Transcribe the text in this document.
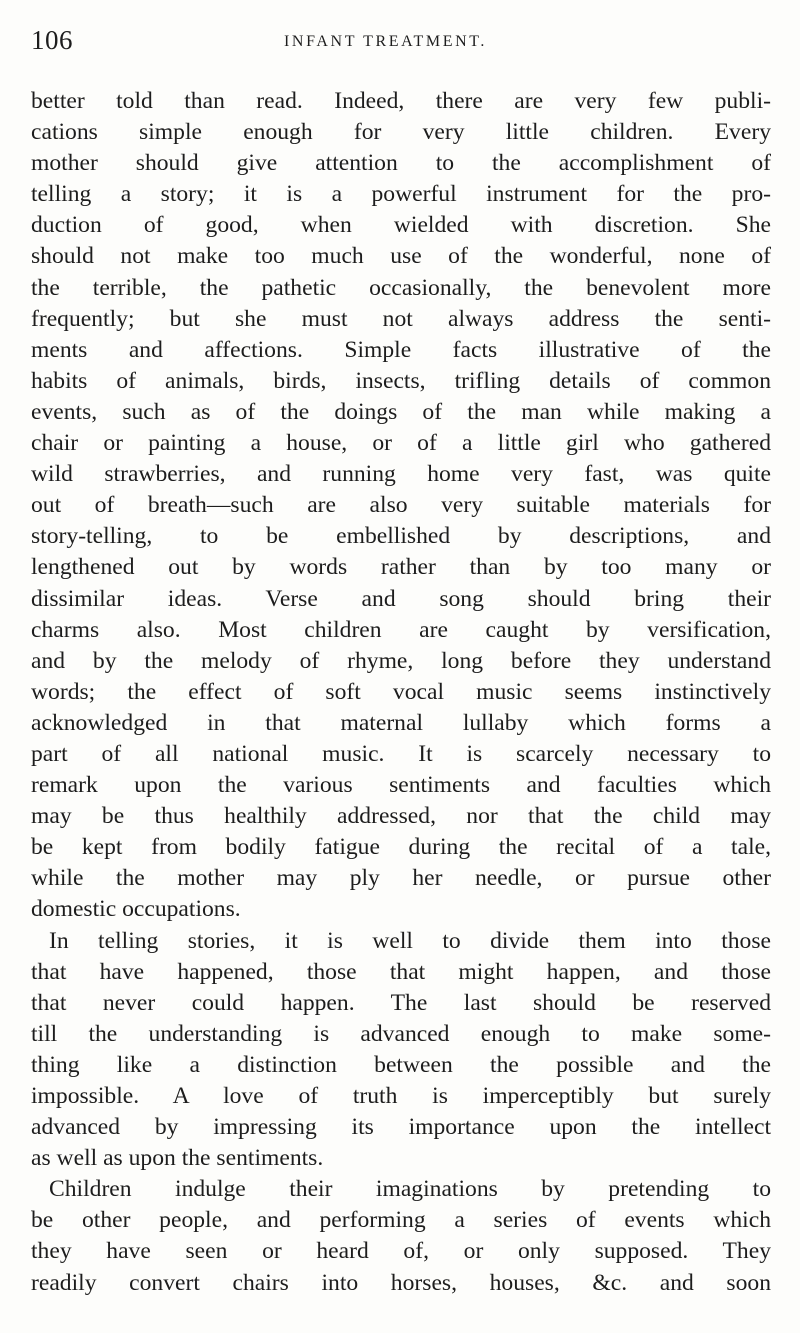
106	INFANT TREATMENT.
better told than read. Indeed, there are very few publi-
cations simple enough for very little children. Every
mother should give attention to the accomplishment of
telling a story; it is a powerful instrument for the pro-
duction of good, when wielded with discretion. She
should not make too much use of the wonderful, none of
the terrible, the pathetic occasionally, the benevolent more
frequently; but she must not always address the senti-
ments and affections. Simple facts illustrative of the
habits of animals, birds, insects, trifling details of common
events, such as of the doings of the man while making a
chair or painting a house, or of a little girl who gathered
wild strawberries, and running home very fast, was quite
out of breath—such are also very suitable materials for
story-telling, to be embellished by descriptions, and
lengthened out by words rather than by too many or
dissimilar ideas. Verse and song should bring their
charms also. Most children are caught by versification,
and by the melody of rhyme, long before they understand
words; the effect of soft vocal music seems instinctively
acknowledged in that maternal lullaby which forms a
part of all national music. It is scarcely necessary to
remark upon the various sentiments and faculties which
may be thus healthily addressed, nor that the child may
be kept from bodily fatigue during the recital of a tale,
while the mother may ply her needle, or pursue other
domestic occupations.
In telling stories, it is well to divide them into those
that have happened, those that might happen, and those
that never could happen. The last should be reserved
till the understanding is advanced enough to make some-
thing like a distinction between the possible and the
impossible. A love of truth is imperceptibly but surely
advanced by impressing its importance upon the intellect
as well as upon the sentiments.
Children indulge their imaginations by pretending to
be other people, and performing a series of events which
they have seen or heard of, or only supposed. They
readily convert chairs into horses, houses, &c. and soon
